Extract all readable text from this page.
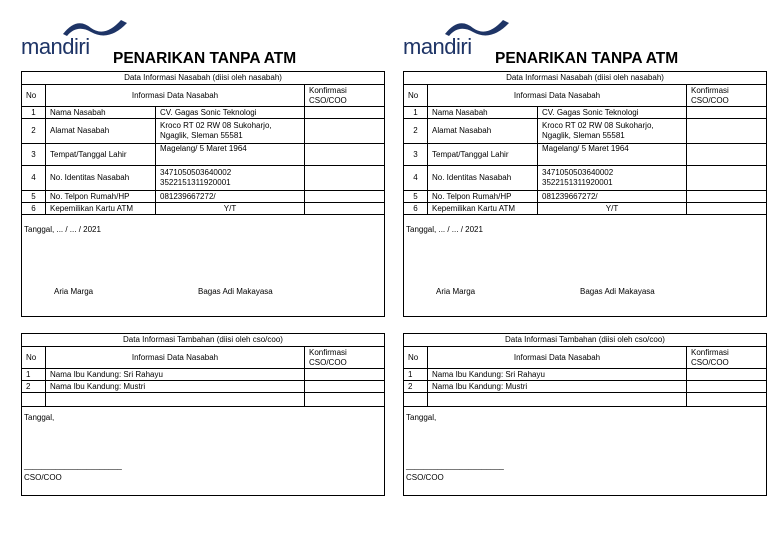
mandiri PENARIKAN TANPA ATM
Data Informasi Nasabah (diisi oleh nasabah)			
No	Informasi Data Nasabah		Konfirmasi CSO/COO
1	Nama Nasabah	CV. Gagas Sonic Teknologi	
2	Alamat Nasabah	Kroco RT 02 RW 08 Sukoharjo, Ngaglik, Sleman 55581	
3	Tempat/Tanggal Lahir	Magelang/ 5 Maret 1964	
4	No. Identitas Nasabah	3471050503640002 3522151311920001	
5	No. Telpon Rumah/HP	081239667272/	
6	Kepemilikan Kartu ATM	Y/T	

Tanggal, ... / ... / 2021
Aria Marga Bagas Adi Makayasa			
Data Informasi Tambahan (diisi oleh cso/coo)		
No	Informasi Data Nasabah	Konfirmasi CSO/COO
1	Nama Ibu Kandung: Sri Rahayu	
2	Nama Ibu Kandung: Mustri	

Tanggal,
______________________
CSO/COO		
mandiri PENARIKAN TANPA ATM
Data Informasi Nasabah (diisi oleh nasabah)			
No	Informasi Data Nasabah		Konfirmasi CSO/COO
1	Nama Nasabah	CV. Gagas Sonic Teknologi	
2	Alamat Nasabah	Kroco RT 02 RW 08 Sukoharjo, Ngaglik, Sleman 55581	
3	Tempat/Tanggal Lahir	Magelang/ 5 Maret 1964	
4	No. Identitas Nasabah	3471050503640002 3522151311920001	
5	No. Telpon Rumah/HP	081239667272/	
6	Kepemilikan Kartu ATM	Y/T	

Tanggal, ... / ... / 2021
Aria Marga Bagas Adi Makayasa			
Data Informasi Tambahan (diisi oleh cso/coo)		
No	Informasi Data Nasabah	Konfirmasi CSO/COO
1	Nama Ibu Kandung: Sri Rahayu	
2	Nama Ibu Kandung: Mustri	

Tanggal,
______________________
CSO/COO		
